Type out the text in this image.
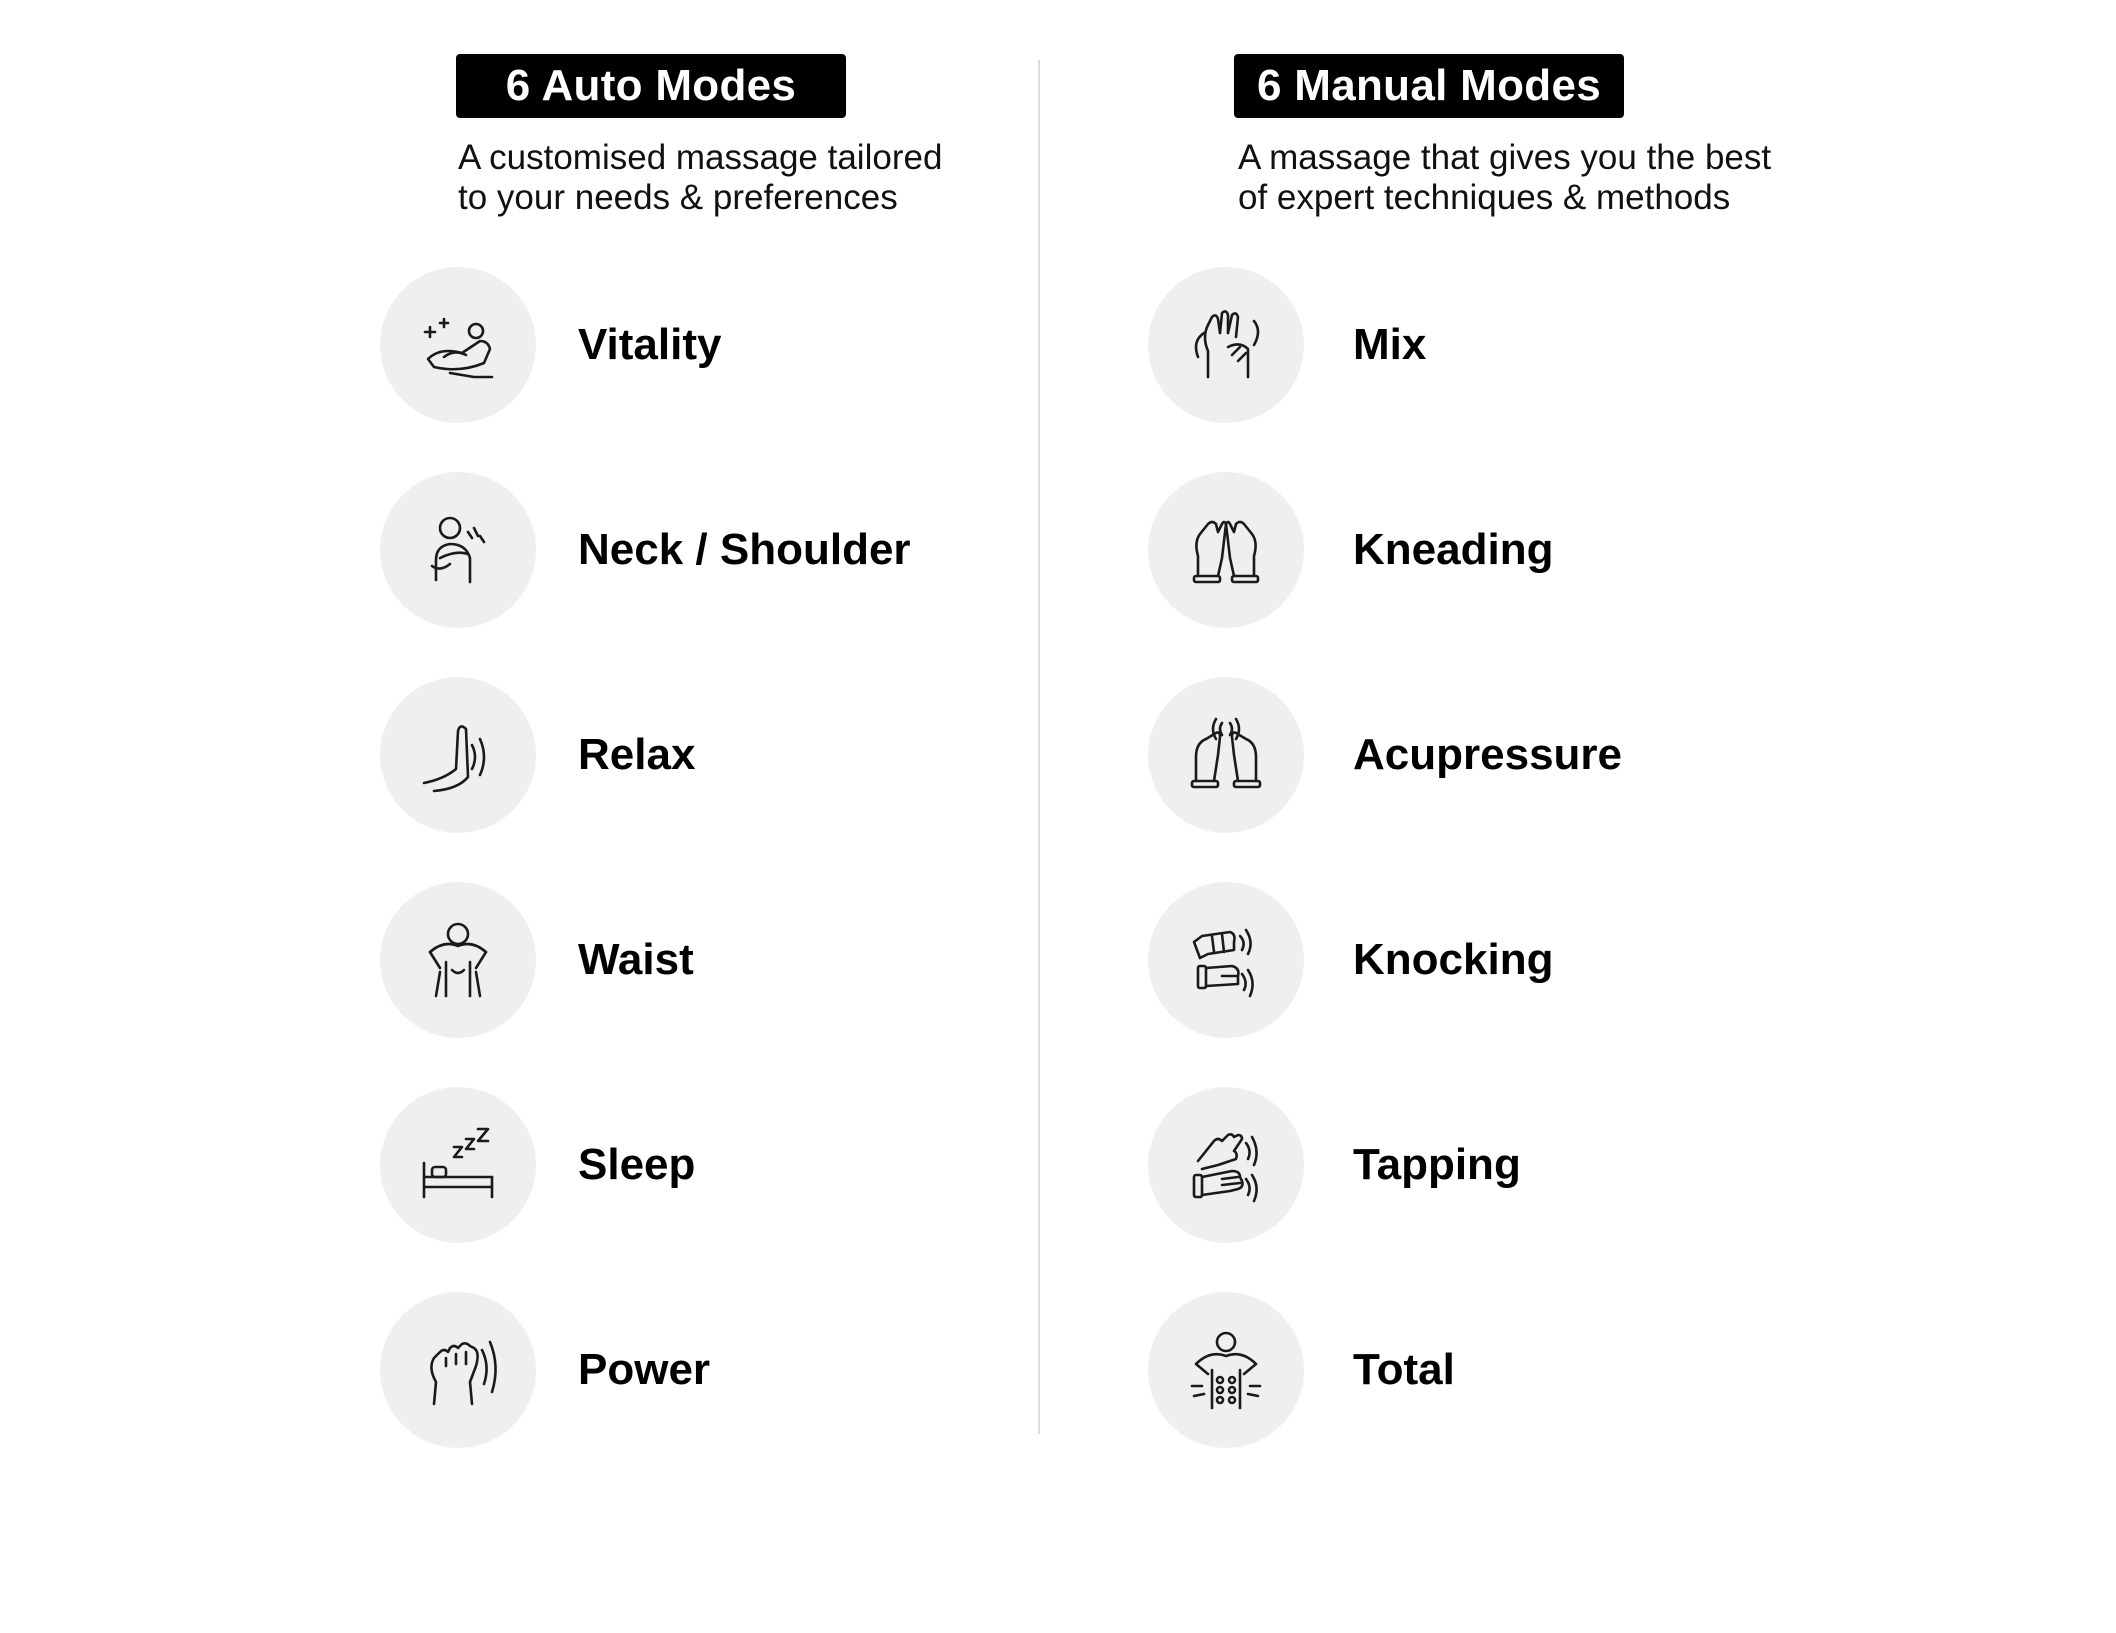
6 Auto Modes
A customised massage tailored
to your needs & preferences
Vitality
Neck / Shoulder
Relax
Waist
Sleep
Power
6 Manual Modes
A massage that gives you the best
of expert techniques & methods
Mix
Kneading
Acupressure
Knocking
Tapping
Total
